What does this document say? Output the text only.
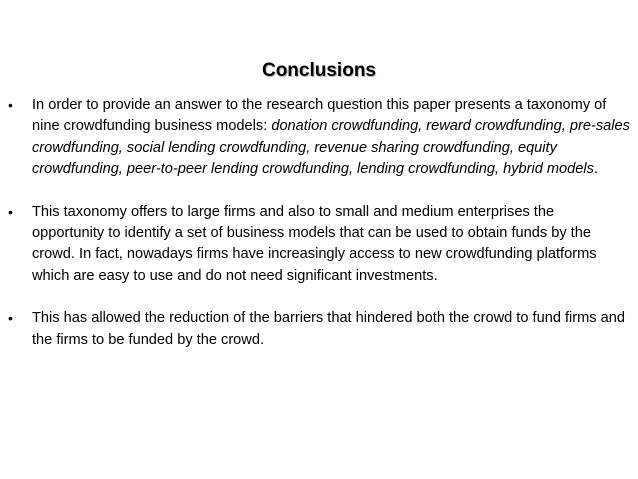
Conclusions
•	In order to provide an answer to the research question this paper presents a taxonomy of nine crowdfunding business models: donation crowdfunding, reward crowdfunding, pre-sales crowdfunding, social lending crowdfunding, revenue sharing crowdfunding, equity crowdfunding, peer-to-peer lending crowdfunding, lending crowdfunding, hybrid models.
•	This taxonomy offers to large firms and also to small and medium enterprises the opportunity to identify a set of business models that can be used to obtain funds by the crowd. In fact, nowadays firms have increasingly access to new crowdfunding platforms which are easy to use and do not need significant investments.
•	This has allowed the reduction of the barriers that hindered both the crowd to fund firms and the firms to be funded by the crowd.
